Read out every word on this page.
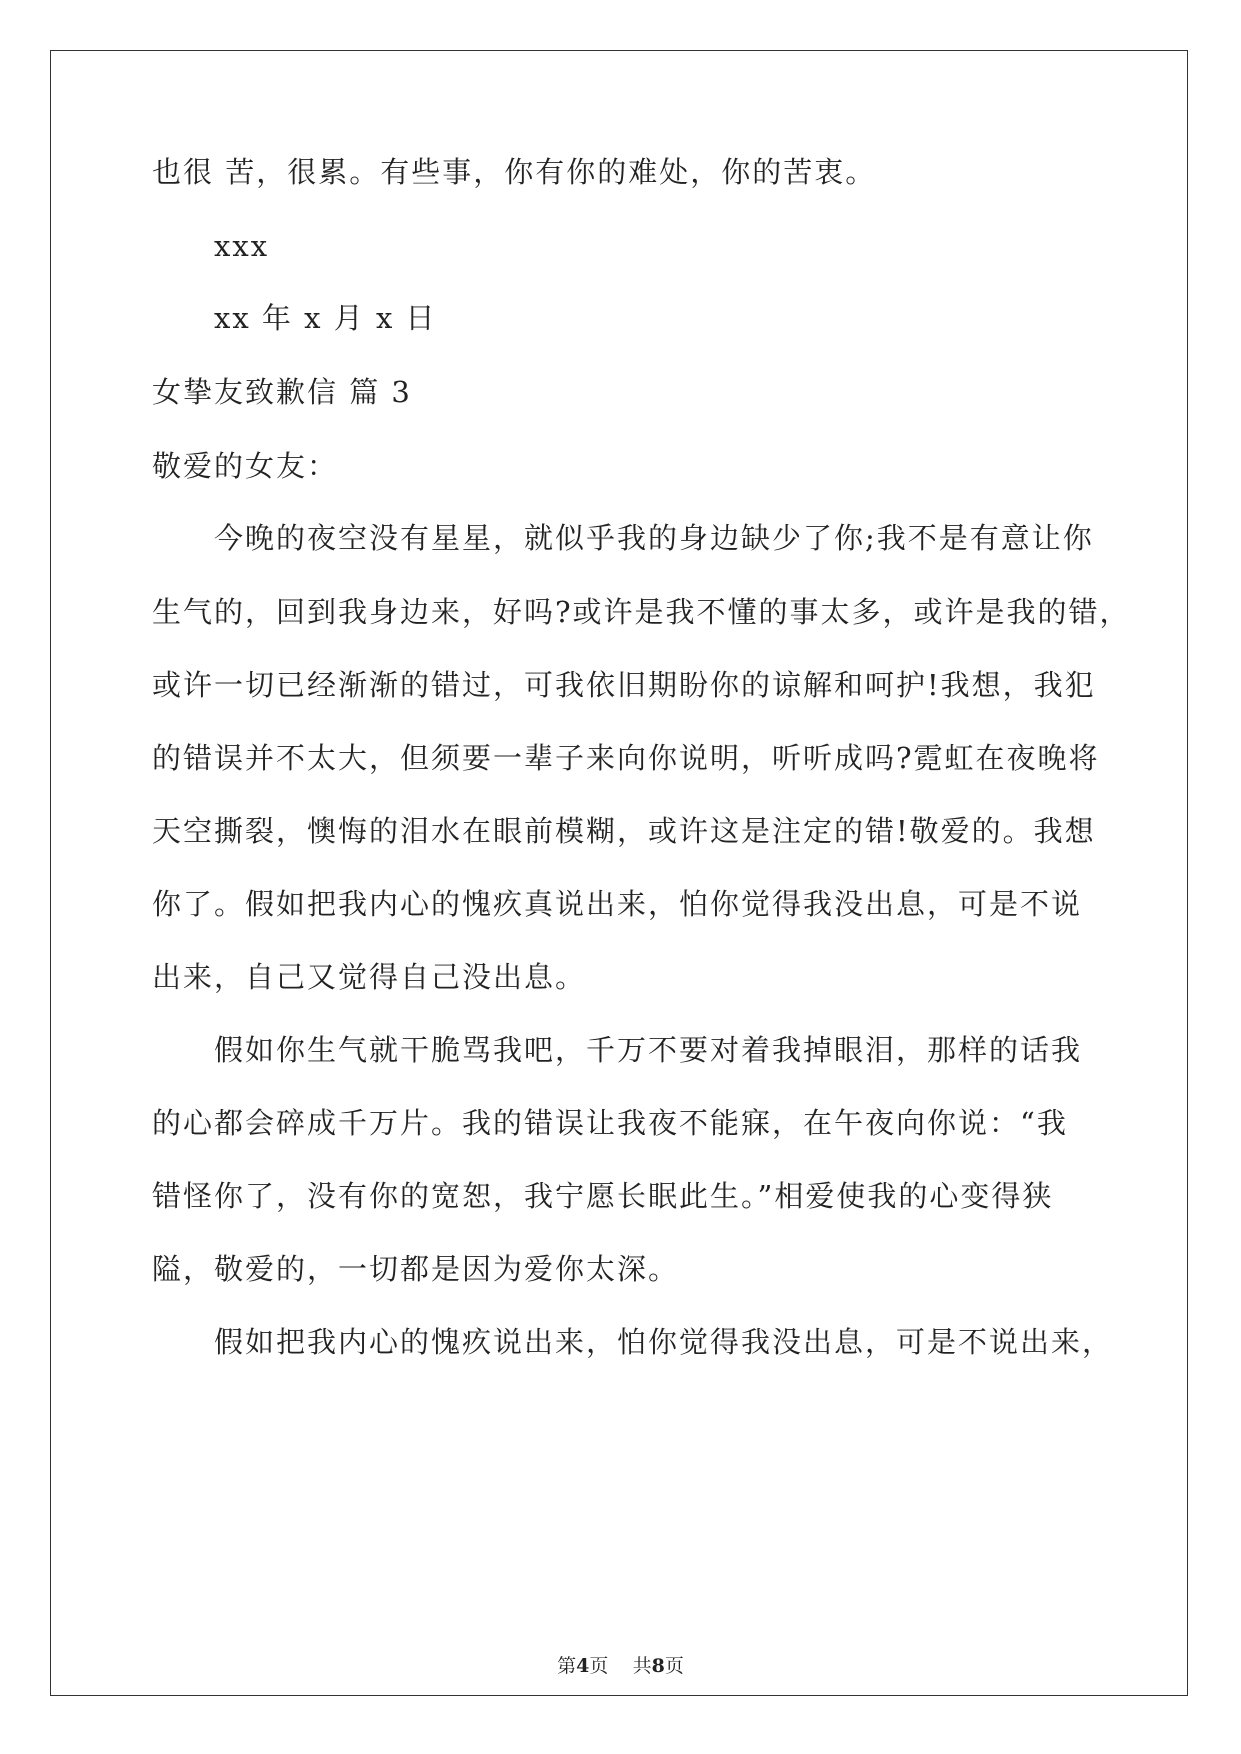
也很 苦，很累。有些事，你有你的难处，你的苦衷。
xxx
xx 年 x 月 x 日
女挚友致歉信 篇 3
敬爱的女友：
今晚的夜空没有星星，就似乎我的身边缺少了你;我不是有意让你
生气的，回到我身边来，好吗?或许是我不懂的事太多，或许是我的错，
或许一切已经渐渐的错过，可我依旧期盼你的谅解和呵护!我想，我犯
的错误并不太大，但须要一辈子来向你说明，听听成吗?霓虹在夜晚将
天空撕裂，懊悔的泪水在眼前模糊，或许这是注定的错!敬爱的。我想
你了。假如把我内心的愧疚真说出来，怕你觉得我没出息，可是不说
出来，自己又觉得自己没出息。
假如你生气就干脆骂我吧，千万不要对着我掉眼泪，那样的话我
的心都会碎成千万片。我的错误让我夜不能寐，在午夜向你说：“我
错怪你了，没有你的宽恕，我宁愿长眠此生。”相爱使我的心变得狭
隘，敬爱的，一切都是因为爱你太深。
假如把我内心的愧疚说出来，怕你觉得我没出息，可是不说出来，
第4页 共8页
